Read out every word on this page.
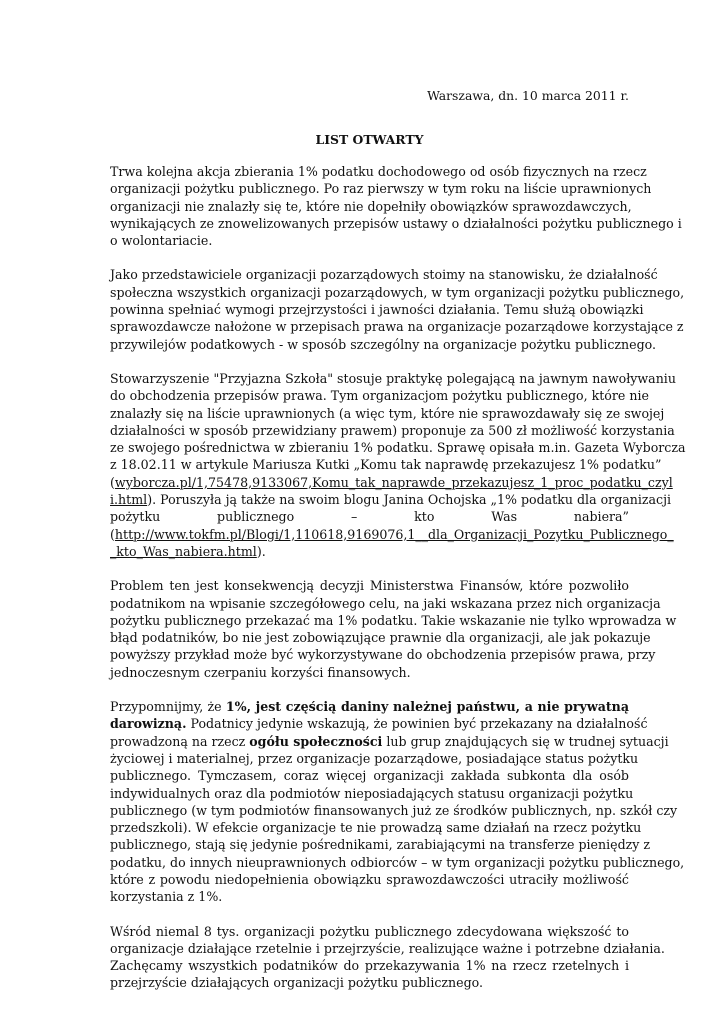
Warszawa, dn. 10 marca 2011 r.
LIST OTWARTY
Trwa kolejna akcja zbierania 1% podatku dochodowego od osób fizycznych na rzecz
organizacji pożytku publicznego. Po raz pierwszy w tym roku na liście uprawnionych
organizacji nie znalazły się te, które nie dopełniły obowiązków sprawozdawczych,
wynikających ze znowelizowanych przepisów ustawy o działalności pożytku publicznego i
o wolontariacie.
Jako przedstawiciele organizacji pozarządowych stoimy na stanowisku, że działalność
społeczna wszystkich organizacji pozarządowych, w tym organizacji pożytku publicznego,
powinna spełniać wymogi przejrzystości i jawności działania. Temu służą obowiązki
sprawozdawcze nałożone w przepisach prawa na organizacje pozarządowe korzystające z
przywilejów podatkowych - w sposób szczególny na organizacje pożytku publicznego.
Stowarzyszenie "Przyjazna Szkoła" stosuje praktykę polegającą na jawnym nawoływaniu
do obchodzenia przepisów prawa. Tym organizacjom pożytku publicznego, które nie
znalazły się na liście uprawnionych (a więc tym, które nie sprawozdawały się ze swojej
działalności w sposób przewidziany prawem) proponuje za 500 zł możliwość korzystania
ze swojego pośrednictwa w zbieraniu 1% podatku. Sprawę opisała m.in. Gazeta Wyborcza
z 18.02.11 w artykule Mariusza Kutki „Komu tak naprawdę przekazujesz 1% podatku”
(wyborcza.pl/1,75478,9133067,Komu_tak_naprawde_przekazujesz_1_proc_podatku_czyl
i.html). Poruszyła ją także na swoim blogu Janina Ochojska „1% podatku dla organizacji
pożytku publicznego – kto Was nabiera”
(http://www.tokfm.pl/Blogi/1,110618,9169076,1__dla_Organizacji_Pozytku_Publicznego_
_kto_Was_nabiera.html).
Problem ten jest konsekwencją decyzji Ministerstwa Finansów, które pozwoliło
podatnikom na wpisanie szczegółowego celu, na jaki wskazana przez nich organizacja
pożytku publicznego przekazać ma 1% podatku. Takie wskazanie nie tylko wprowadza w
błąd podatników, bo nie jest zobowiązujące prawnie dla organizacji, ale jak pokazuje
powyższy przykład może być wykorzystywane do obchodzenia przepisów prawa, przy
jednoczesnym czerpaniu korzyści finansowych.
Przypomnijmy, że 1%, jest częścią daniny należnej państwu, a nie prywatną
darowizną. Podatnicy jedynie wskazują, że powinien być przekazany na działalność
prowadzoną na rzecz ogółu społeczności lub grup znajdujących się w trudnej sytuacji
życiowej i materialnej, przez organizacje pozarządowe, posiadające status pożytku
publicznego. Tymczasem, coraz więcej organizacji zakłada subkonta dla osób
indywidualnych oraz dla podmiotów nieposiadających statusu organizacji pożytku
publicznego (w tym podmiotów finansowanych już ze środków publicznych, np. szkół czy
przedszkoli). W efekcie organizacje te nie prowadzą same działań na rzecz pożytku
publicznego, stają się jedynie pośrednikami, zarabiającymi na transferze pieniędzy z
podatku, do innych nieuprawnionych odbiorców – w tym organizacji pożytku publicznego,
które z powodu niedopełnienia obowiązku sprawozdawczości utraciły możliwość
korzystania z 1%.
Wśród niemal 8 tys. organizacji pożytku publicznego zdecydowana większość to
organizacje działające rzetelnie i przejrzyście, realizujące ważne i potrzebne działania.
Zachęcamy wszystkich podatników do przekazywania 1% na rzecz rzetelnych i
przejrzyście działających organizacji pożytku publicznego.
